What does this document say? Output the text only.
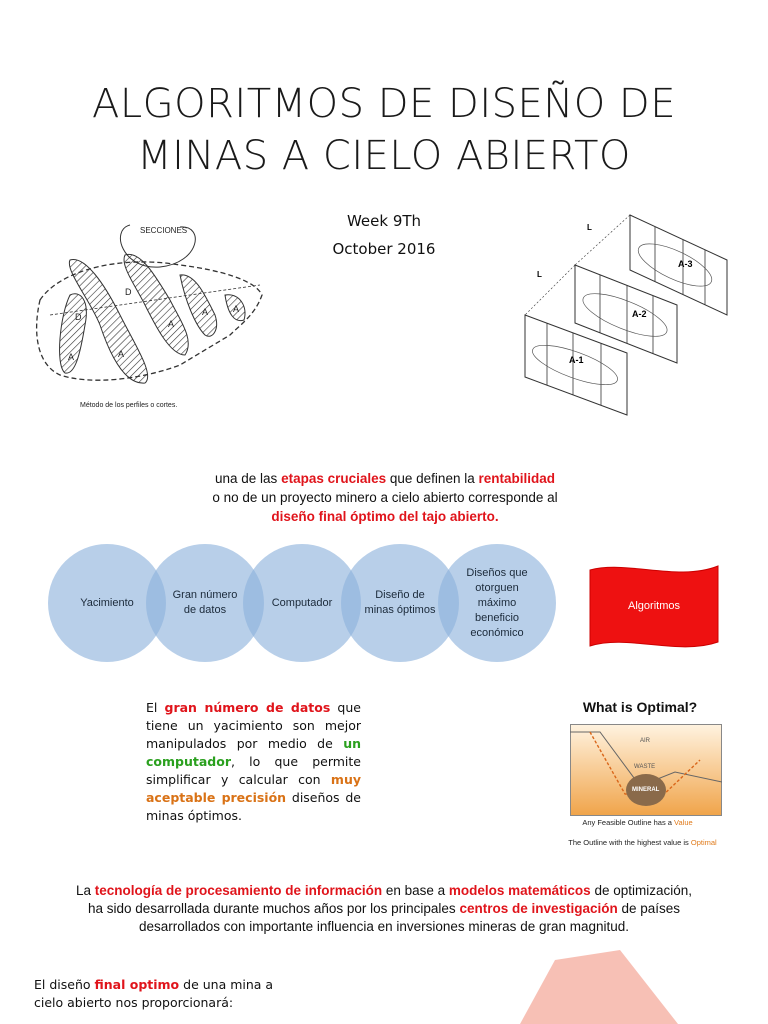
ALGORITMOS DE DISEÑO DE
MINAS A CIELO ABIERTO
Week 9Th
October 2016
SECCIONES
D
D
A	A
A
A	A
Método de los perfiles o cortes.
L
L
A-3
A-2
A-1
una de las etapas cruciales que definen la rentabilidad
o no de un proyecto minero a cielo abierto corresponde al
diseño final óptimo del tajo abierto.
Yacimiento
Gran número de datos
Computador
Diseño de minas óptimos
Diseños que otorguen máximo beneficio económico
Algoritmos
El gran número de datos que tiene un yacimiento son mejor manipulados por medio de un computador, lo que permite simplificar y calcular con muy aceptable precisión diseños de minas óptimos.
What is Optimal?
AIR
WASTE
MINERAL
Any Feasible Outline has a Value
The Outline with the highest value is Optimal
La tecnología de procesamiento de información en base a modelos matemáticos de optimización, ha sido desarrollada durante muchos años por los principales centros de investigación de países desarrollados con importante influencia en inversiones mineras de gran magnitud.
El diseño final optimo de una mina a cielo abierto nos proporcionará:
